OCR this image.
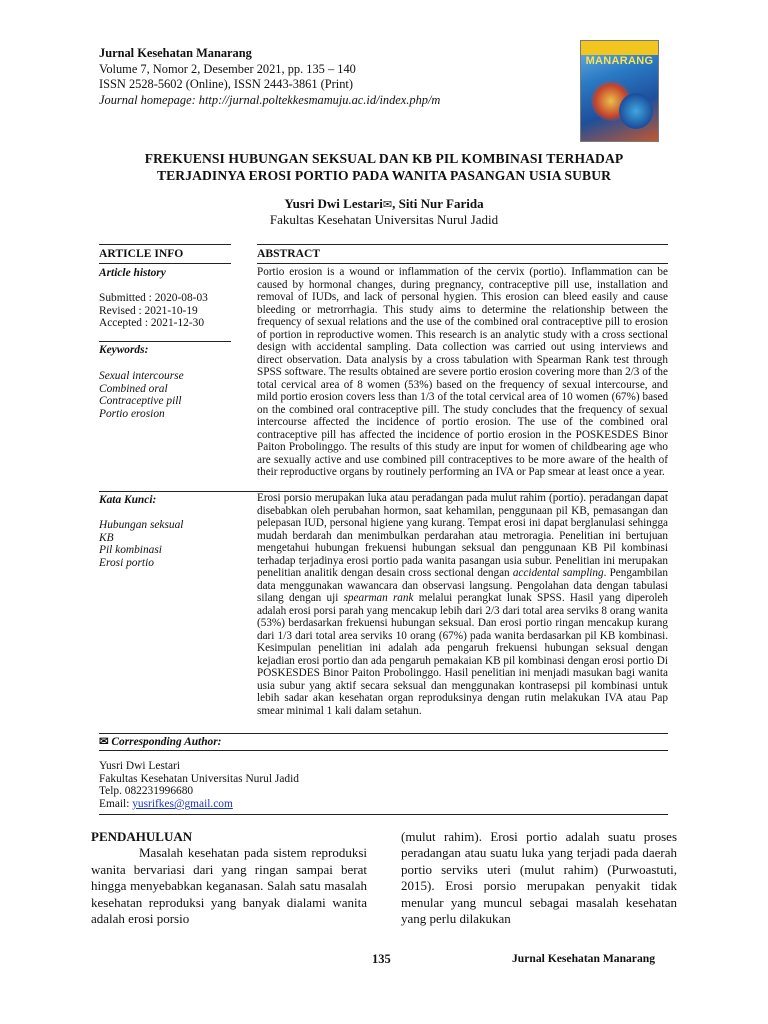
Jurnal Kesehatan Manarang
Volume 7, Nomor 2, Desember 2021, pp. 135 – 140
ISSN 2528-5602 (Online), ISSN 2443-3861 (Print)
Journal homepage: http://jurnal.poltekkesmamuju.ac.id/index.php/m
MANARANG
FREKUENSI HUBUNGAN SEKSUAL DAN KB PIL KOMBINASI TERHADAP
TERJADINYA EROSI PORTIO PADA WANITA PASANGAN USIA SUBUR
Yusri Dwi Lestari✉, Siti Nur Farida
Fakultas Kesehatan Universitas Nurul Jadid
ARTICLE INFO
Article history
Submitted : 2020-08-03
Revised : 2021-10-19
Accepted : 2021-12-30
Keywords:
Sexual intercourse
Combined oral
Contraceptive pill
Portio erosion
ABSTRACT
Portio erosion is a wound or inflammation of the cervix (portio). Inflammation can be caused by hormonal changes, during pregnancy, contraceptive pill use, installation and removal of IUDs, and lack of personal hygien. This erosion can bleed easily and cause bleeding or metrorrhagia. This study aims to determine the relationship between the frequency of sexual relations and the use of the combined oral contraceptive pill to erosion of portion in reproductive women. This research is an analytic study with a cross sectional design with accidental sampling. Data collection was carried out using interviews and direct observation. Data analysis by a cross tabulation with Spearman Rank test through SPSS software. The results obtained are severe portio erosion covering more than 2/3 of the total cervical area of 8 women (53%) based on the frequency of sexual intercourse, and mild portio erosion covers less than 1/3 of the total cervical area of 10 women (67%) based on the combined oral contraceptive pill. The study concludes that the frequency of sexual intercourse affected the incidence of portio erosion. The use of the combined oral contraceptive pill has affected the incidence of portio erosion in the POSKESDES Binor Paiton Probolinggo. The results of this study are input for women of childbearing age who are sexually active and use combined pill contraceptives to be more aware of the health of their reproductive organs by routinely performing an IVA or Pap smear at least once a year.
Kata Kunci:
Hubungan seksual
KB
Pil kombinasi
Erosi portio
Erosi porsio merupakan luka atau peradangan pada mulut rahim (portio). peradangan dapat disebabkan oleh perubahan hormon, saat kehamilan, penggunaan pil KB, pemasangan dan pelepasan IUD, personal higiene yang kurang. Tempat erosi ini dapat berglanulasi sehingga mudah berdarah dan menimbulkan perdarahan atau metroragia. Penelitian ini bertujuan mengetahui hubungan frekuensi hubungan seksual dan penggunaan KB Pil kombinasi terhadap terjadinya erosi portio pada wanita pasangan usia subur. Penelitian ini merupakan penelitian analitik dengan desain cross sectional dengan accidental sampling. Pengambilan data menggunakan wawancara dan observasi langsung. Pengolahan data dengan tabulasi silang dengan uji spearman rank melalui perangkat lunak SPSS. Hasil yang diperoleh adalah erosi porsi parah yang mencakup lebih dari 2/3 dari total area serviks 8 orang wanita (53%) berdasarkan frekuensi hubungan seksual. Dan erosi portio ringan mencakup kurang dari 1/3 dari total area serviks 10 orang (67%) pada wanita berdasarkan pil KB kombinasi. Kesimpulan penelitian ini adalah ada pengaruh frekuensi hubungan seksual dengan kejadian erosi portio dan ada pengaruh pemakaian KB pil kombinasi dengan erosi portio Di POSKESDES Binor Paiton Probolinggo. Hasil penelitian ini menjadi masukan bagi wanita usia subur yang aktif secara seksual dan menggunakan kontrasepsi pil kombinasi untuk lebih sadar akan kesehatan organ reproduksinya dengan rutin melakukan IVA atau Pap smear minimal 1 kali dalam setahun.
✉ Corresponding Author:
Yusri Dwi Lestari
Fakultas Kesehatan Universitas Nurul Jadid
Telp. 082231996680
Email: yusrifkes@gmail.com
PENDAHULUAN
Masalah kesehatan pada sistem reproduksi wanita bervariasi dari yang ringan sampai berat hingga menyebabkan keganasan. Salah satu masalah kesehatan reproduksi yang banyak dialami wanita adalah erosi porsio
(mulut rahim). Erosi portio adalah suatu proses peradangan atau suatu luka yang terjadi pada daerah portio serviks uteri (mulut rahim) (Purwoastuti, 2015). Erosi porsio merupakan penyakit tidak menular yang muncul sebagai masalah kesehatan yang perlu dilakukan
135	Jurnal Kesehatan Manarang
